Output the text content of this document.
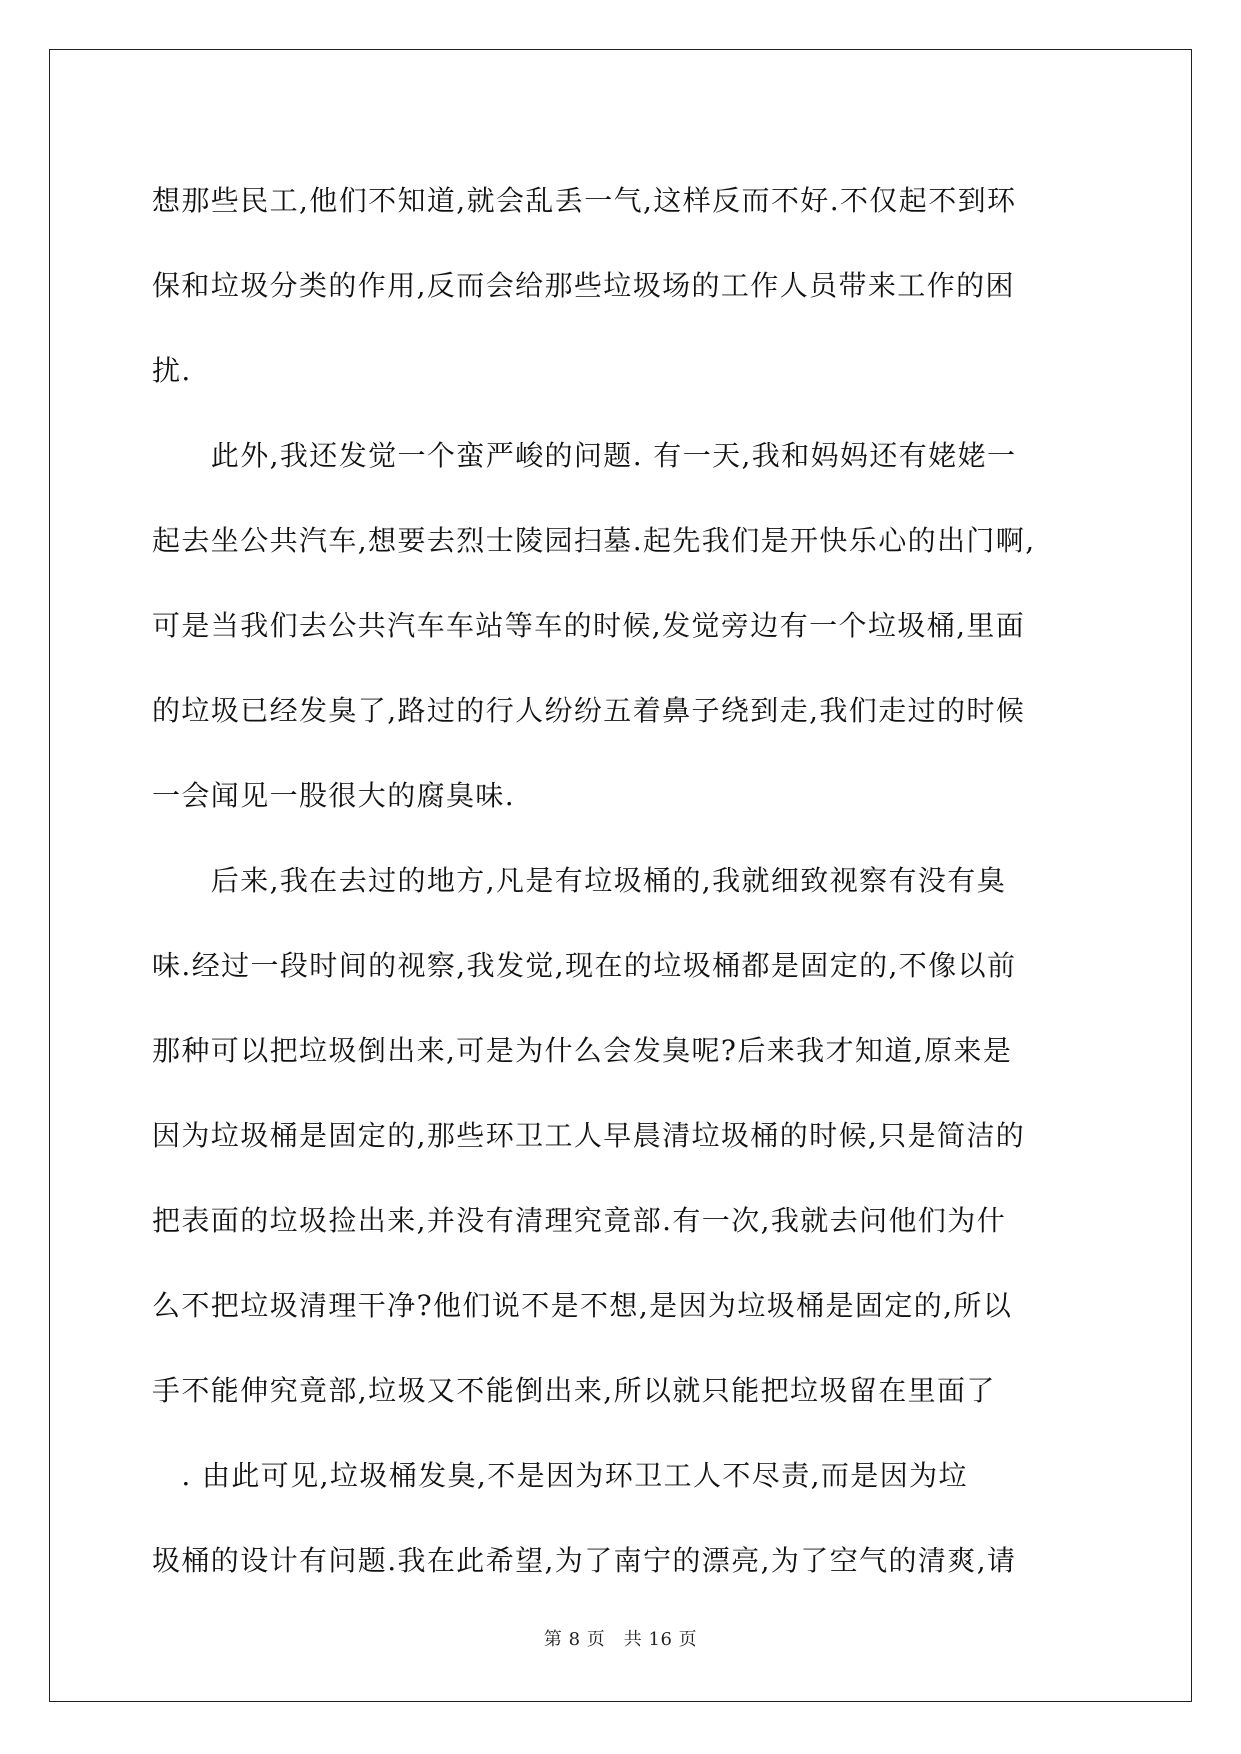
想那些民工,他们不知道,就会乱丢一气,这样反而不好.不仅起不到环

保和垃圾分类的作用,反而会给那些垃圾场的工作人员带来工作的困

扰.

　　此外,我还发觉一个蛮严峻的问题. 有一天,我和妈妈还有姥姥一

起去坐公共汽车,想要去烈士陵园扫墓.起先我们是开快乐心的出门啊,

可是当我们去公共汽车车站等车的时候,发觉旁边有一个垃圾桶,里面

的垃圾已经发臭了,路过的行人纷纷五着鼻子绕到走,我们走过的时候

一会闻见一股很大的腐臭味.

　　后来,我在去过的地方,凡是有垃圾桶的,我就细致视察有没有臭

味.经过一段时间的视察,我发觉,现在的垃圾桶都是固定的,不像以前

那种可以把垃圾倒出来,可是为什么会发臭呢?后来我才知道,原来是

因为垃圾桶是固定的,那些环卫工人早晨清垃圾桶的时候,只是简洁的

把表面的垃圾捡出来,并没有清理究竟部.有一次,我就去问他们为什

么不把垃圾清理干净?他们说不是不想,是因为垃圾桶是固定的,所以

手不能伸究竟部,垃圾又不能倒出来,所以就只能把垃圾留在里面了

　. 由此可见,垃圾桶发臭,不是因为环卫工人不尽责,而是因为垃

圾桶的设计有问题.我在此希望,为了南宁的漂亮,为了空气的清爽,请

第 8 页　共 16 页
